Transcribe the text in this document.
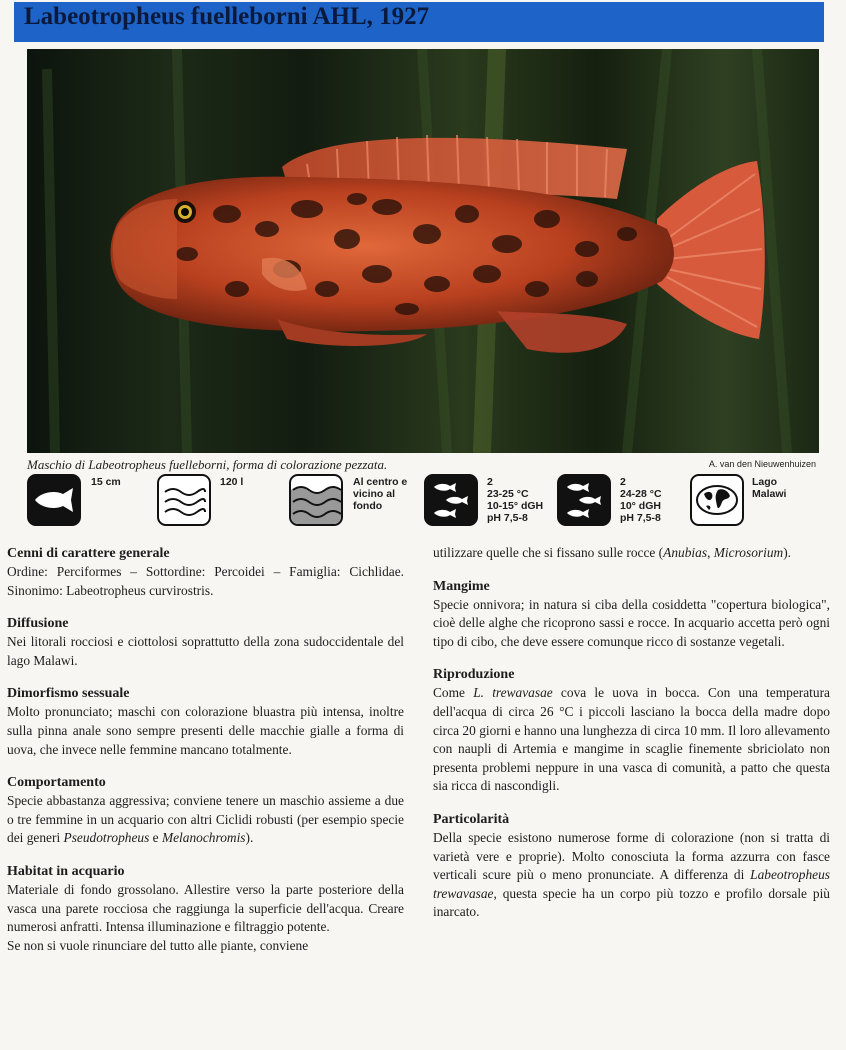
Labeotropheus fuelleborni AHL, 1927
Maschio di Labeotropheus fuelleborni, forma di colorazione pezzata.	A. van den Nieuwenhuizen
15 cm	120 l	Al centro e
vicino al
fondo
2
23-25 °C
10-15° dGH
pH 7,5-8
2
24-28 °C
10° dGH
pH 7,5-8
Lago
Malawi
Cenni di carattere generale

Ordine: Perciformes – Sottordine: Percoidei – Famiglia: Cichlidae. Sinonimo: Labeotropheus curvirostris.

Diffusione

Nei litorali rocciosi e ciottolosi soprattutto della zona sudoccidentale del lago Malawi.

Dimorfismo sessuale

Molto pronunciato; maschi con colorazione bluastra più intensa, inoltre sulla pinna anale sono sempre presenti delle macchie gialle a forma di uova, che invece nelle femmine mancano totalmente.

Comportamento

Specie abbastanza aggressiva; conviene tenere un maschio assieme a due o tre femmine in un acquario con altri Ciclidi robusti (per esempio specie dei generi Pseudotropheus e Melanochromis).

Habitat in acquario

Materiale di fondo grossolano. Allestire verso la parte posteriore della vasca una parete rocciosa che raggiunga la superficie dell'acqua. Creare numerosi anfratti. Intensa illuminazione e filtraggio potente.

Se non si vuole rinunciare del tutto alle piante, conviene

utilizzare quelle che si fissano sulle rocce (Anubias, Microsorium).

Mangime

Specie onnivora; in natura si ciba della cosiddetta "copertura biologica", cioè delle alghe che ricoprono sassi e rocce. In acquario accetta però ogni tipo di cibo, che deve essere comunque ricco di sostanze vegetali.

Riproduzione

Come L. trewavasae cova le uova in bocca. Con una temperatura dell'acqua di circa 26 °C i piccoli lasciano la bocca della madre dopo circa 20 giorni e hanno una lunghezza di circa 10 mm. Il loro allevamento con naupli di Artemia e mangime in scaglie finemente sbriciolato non presenta problemi neppure in una vasca di comunità, a patto che questa sia ricca di nascondigli.

Particolarità

Della specie esistono numerose forme di colorazione (non si tratta di varietà vere e proprie). Molto conosciuta la forma azzurra con fasce verticali scure più o meno pronunciate. A differenza di Labeotropheus trewavasae, questa specie ha un corpo più tozzo e profilo dorsale più inarcato.
